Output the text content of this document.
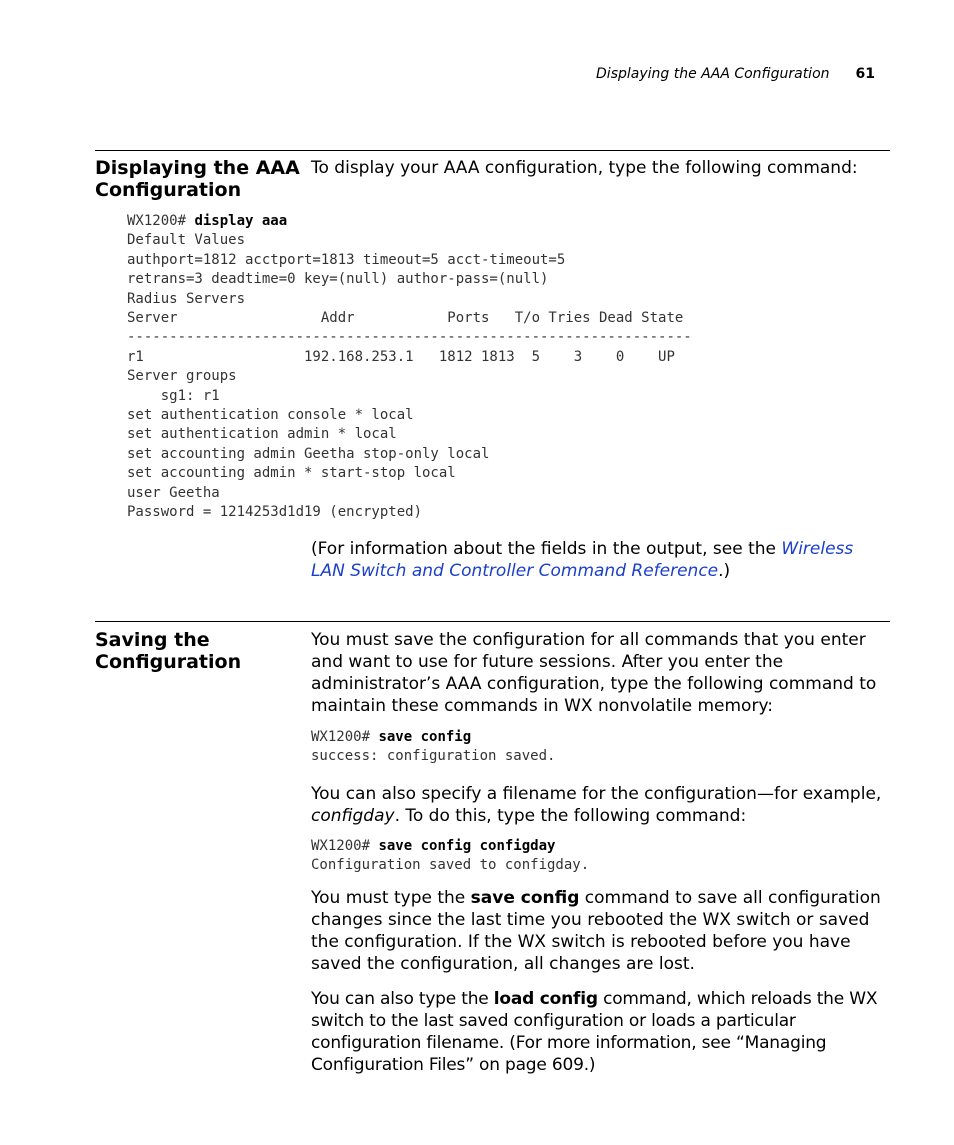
Displaying the AAA Configuration 61
Displaying the AAA Configuration

To display your AAA configuration, type the following command:

WX1200# display aaa
Default Values
authport=1812 acctport=1813 timeout=5 acct-timeout=5
retrans=3 deadtime=0 key=(null) author-pass=(null)
Radius Servers
Server                 Addr           Ports   T/o Tries Dead State
-------------------------------------------------------------------
r1                   192.168.253.1   1812 1813  5    3    0    UP
Server groups
sg1: r1
set authentication console * local
set authentication admin * local
set accounting admin Geetha stop-only local
set accounting admin * start-stop local
user Geetha
Password = 1214253d1d19 (encrypted)

(For information about the fields in the output, see the Wireless LAN Switch and Controller Command Reference.)

Saving the Configuration

You must save the configuration for all commands that you enter and want to use for future sessions. After you enter the administrator’s AAA configuration, type the following command to maintain these commands in WX nonvolatile memory:

WX1200# save config
success: configuration saved.

You can also specify a filename for the configuration—for example, configday. To do this, type the following command:

WX1200# save config configday
Configuration saved to configday.

You must type the save config command to save all configuration changes since the last time you rebooted the WX switch or saved the configuration. If the WX switch is rebooted before you have saved the configuration, all changes are lost.

You can also type the load config command, which reloads the WX switch to the last saved configuration or loads a particular configuration filename. (For more information, see “Managing Configuration Files” on page 609.)
